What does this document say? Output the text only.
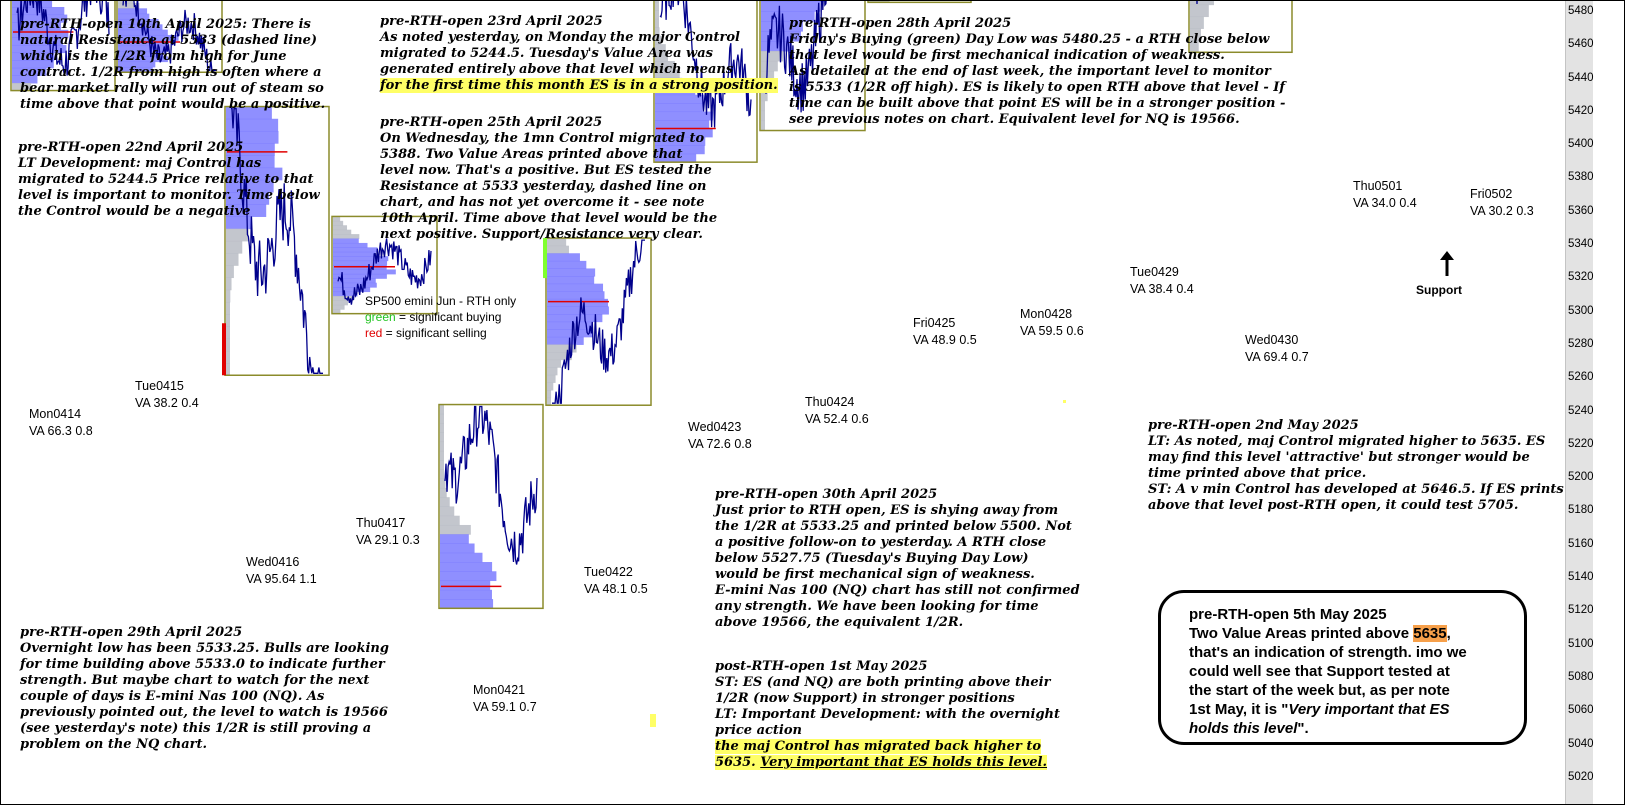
5020
5040
5060
5080
5100
5120
5140
5160
5180
5200
5220
5240
5260
5280
5300
5320
5340
5360
5380
5400
5420
5440
5460
5480
pre-RTH-open 10th April 2025: There is
natural Resistance at 5533 (dashed line)
which is the 1/2R from high for June
contract. 1/2R from high is often where a
bear market rally will run out of steam so
time above that point would be a positive.
pre-RTH-open 22nd April 2025
LT Development: maj Control has
migrated to 5244.5 Price relative to that
level is important to monitor. Time below
the Control would be a negative
pre-RTH-open 23rd April 2025
As noted yesterday, on Monday the major Control
migrated to 5244.5. Tuesday's Value Area was
generated entirely above that level which means
for the first time this month ES is in a strong position.
pre-RTH-open 25th April 2025
On Wednesday, the 1mn Control migrated to
5388. Two Value Areas printed above that
level now. That's a positive. But ES tested the
Resistance at 5533 yesterday, dashed line on
chart, and has not yet overcome it - see note
10th April. Time above that level would be the
next positive. Support/Resistance very clear.
pre-RTH-open 28th April 2025
Friday's Buying (green) Day Low was 5480.25 - a RTH close below
that level would be first mechanical indication of weakness.
As detailed at the end of last week, the important level to monitor
is 5533 (1/2R off high). ES is likely to open RTH above that level - If
time can be built above that point ES will be in a stronger position -
see previous notes on chart. Equivalent level for NQ is 19566.
pre-RTH-open 29th April 2025
Overnight low has been 5533.25. Bulls are looking
for time building above 5533.0 to indicate further
strength. But maybe chart to watch for the next
couple of days is E-mini Nas 100 (NQ). As
previously pointed out, the level to watch is 19566
(see yesterday's note) this 1/2R is still proving a
problem on the NQ chart.
pre-RTH-open 30th April 2025
Just prior to RTH open, ES is shying away from
the 1/2R at 5533.25 and printed below 5500. Not
a positive follow-on to yesterday. A RTH close
below 5527.75 (Tuesday's Buying Day Low)
would be first mechanical sign of weakness.
E-mini Nas 100 (NQ) chart has still not confirmed
any strength. We have been looking for time
above 19566, the equivalent 1/2R.
post-RTH-open 1st May 2025
ST: ES (and NQ) are both printing above their
1/2R (now Support) in stronger positions
LT: Important Development: with the overnight
price action
the maj Control has migrated back higher to
5635. Very important that ES holds this level.
pre-RTH-open 2nd May 2025
LT: As noted, maj Control migrated higher to 5635. ES
may find this level 'attractive' but stronger would be
time printed above that price.
ST: A v min Control has developed at 5646.5. If ES prints
above that level post-RTH open, it could test 5705.
SP500 emini Jun - RTH only
green = significant buying
red = significant selling
Mon0414
VA 66.3 0.8
Tue0415
VA 38.2 0.4
Wed0416
VA 95.64 1.1
Thu0417
VA 29.1 0.3
Mon0421
VA 59.1 0.7
Tue0422
VA 48.1 0.5
Wed0423
VA 72.6 0.8
Thu0424
VA 52.4 0.6
Fri0425
VA 48.9 0.5
Mon0428
VA 59.5 0.6
Tue0429
VA 38.4 0.4
Wed0430
VA 69.4 0.7
Thu0501
VA 34.0 0.4
Fri0502
VA 30.2 0.3
Support
pre-RTH-open 5th May 2025
Two Value Areas printed above 5635,
that's an indication of strength. imo we
could well see that Support tested at
the start of the week but, as per note
1st May, it is "Very important that ES
holds this level".
